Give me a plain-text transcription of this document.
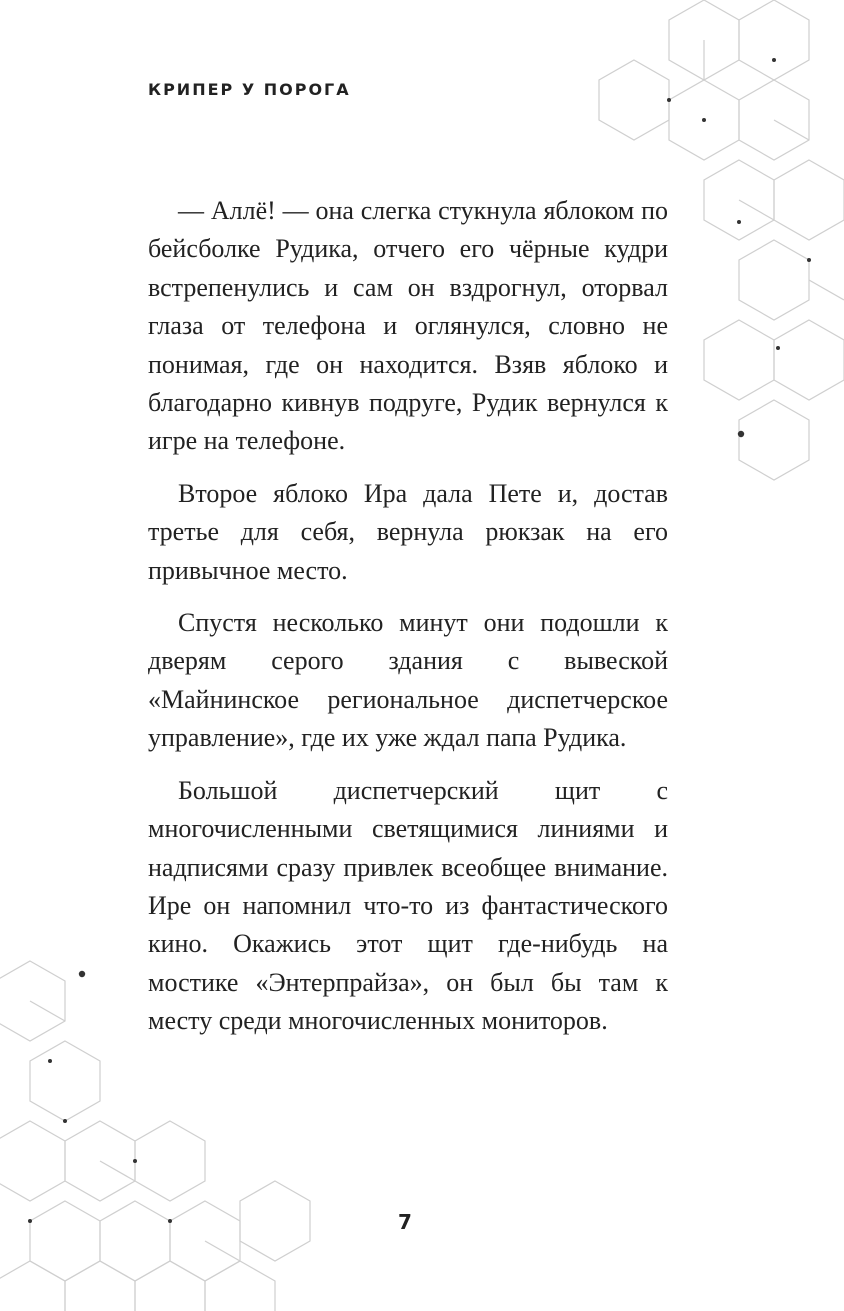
КРИПЕР У ПОРОГА

— Аллё! — она слегка стукнула яблоком по бейсболке Рудика, отчего его чёрные кудри встрепенулись и сам он вздрогнул, оторвал глаза от телефона и оглянулся, словно не понимая, где он находится. Взяв яблоко и благодарно кивнув подруге, Рудик вернулся к игре на телефоне.

Второе яблоко Ира дала Пете и, достав третье для себя, вернула рюкзак на его привычное место.

Спустя несколько минут они подошли к дверям серого здания с вывеской «Майнинское региональное диспетчерское управление», где их уже ждал папа Рудика.

Большой диспетчерский щит с многочисленными светящимися линиями и надписями сразу привлек всеобщее внимание. Ире он напомнил что-то из фантастического кино. Окажись этот щит где-нибудь на мостике «Энтерпрайза», он был бы там к месту среди многочисленных мониторов.

7
